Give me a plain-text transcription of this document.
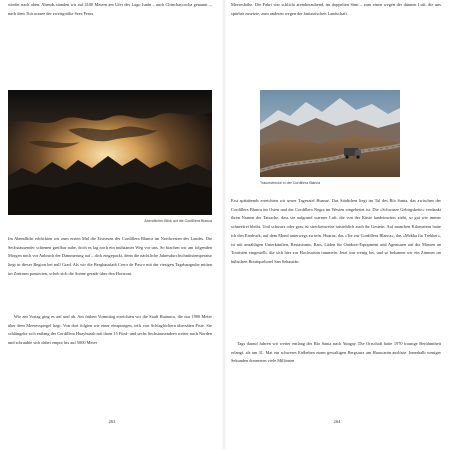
wieder nach oben. Abends standen wir auf 4100 Metern am Ufer des Lago Junín – auch Chinchaycocha genannt –, nach dem Titicacasee der zweitgrößte Sees Perus.

Abendlicher Blick auf die Cordillera Blanca

Im Abendlicht erblickten wir zum ersten Mal die Eisriesen der Cordillera Blanca im Nordwesten des Landes. Die Sechstausender schienen greifbar nahe, doch es lag noch ein mühsamer Weg vor uns. So brachen wir am folgenden Morgen noch vor Anbruch der Dämmerung auf – dick eingepackt, denn die nächtliche Jahresdurchschnittstemperatur liegt in dieser Region bei null Grad. Als wir die Bergbaustadt Cerro de Pasco mit der riesigen Tagebaugrube mitten im Zentrum passierten, schob sich die Sonne gerade über den Horizont.

Wie am Vortag ging es auf und ab. Am frühen Vormittag erreichten wir die Stadt Huánuco, die nur 1900 Meter über dem Meeresspiegel liegt. Von dort folgten wir einer einspurigen, teils von Schlaglöchern übersäten Piste. Sie schlängelte sich entlang der Cordillera Huayhuash mit ihren 15 Fünf- und sechs Sechstausendern weiter nach Norden und schraubte sich dabei empor bis auf 5000 Meter

263

Meereshöhe. Die Fahrt war schlicht atemberaubend, im doppelten Sinn – zum einen wegen der dünnen Luft, die uns spürbar zusetzte, zum anderen wegen der fantastischen Landschaft.

Traumstrecke in der Cordillera Blanca

Erst spätabends erreichten wir unser Tagesziel Huaraz. Das Städtchen liegt im Tal des Río Santa, das zwischen der Cordillera Blanca im Osten und der Cordillera Negra im Westen eingebettet ist. Die »Schwarze Gebirgskette« verdankt ihren Namen der Tatsache, dass sie aufgrund warmer Luft, die von der Küste landeinwärts zieht, so gut wie immer schneefrei bleibt. Und schwarz oder grau ist streckenweise tatsächlich auch ihr Gestein. Auf manchen Kilometern hatte ich den Eindruck, auf dem Mond unterwegs zu sein. Huaraz, das »Tor zur Cordillera Blanca«, das »Mekka für Trekker«, ist mit unzähligen Unterkünften, Restaurants, Bars, Läden für Outdoor-Equipment und Agenturen auf die Massen an Touristen eingestellt, die sich hier zur Hochsaison tummeln. Jetzt war wenig los, und so bekamen wir ein Zimmer im hübschen Boutiquehotel San Sebastián.

Tags darauf fuhren wir weiter entlang des Río Santa nach Yungay. Die Ortschaft hatte 1970 traurige Berühmtheit erlangt, als am 31. Mai ein schweres Erdbeben einen gewaltigen Bergsturz am Huascarán auslöste. Innerhalb weniger Sekunden donnerten viele Millionen

264
